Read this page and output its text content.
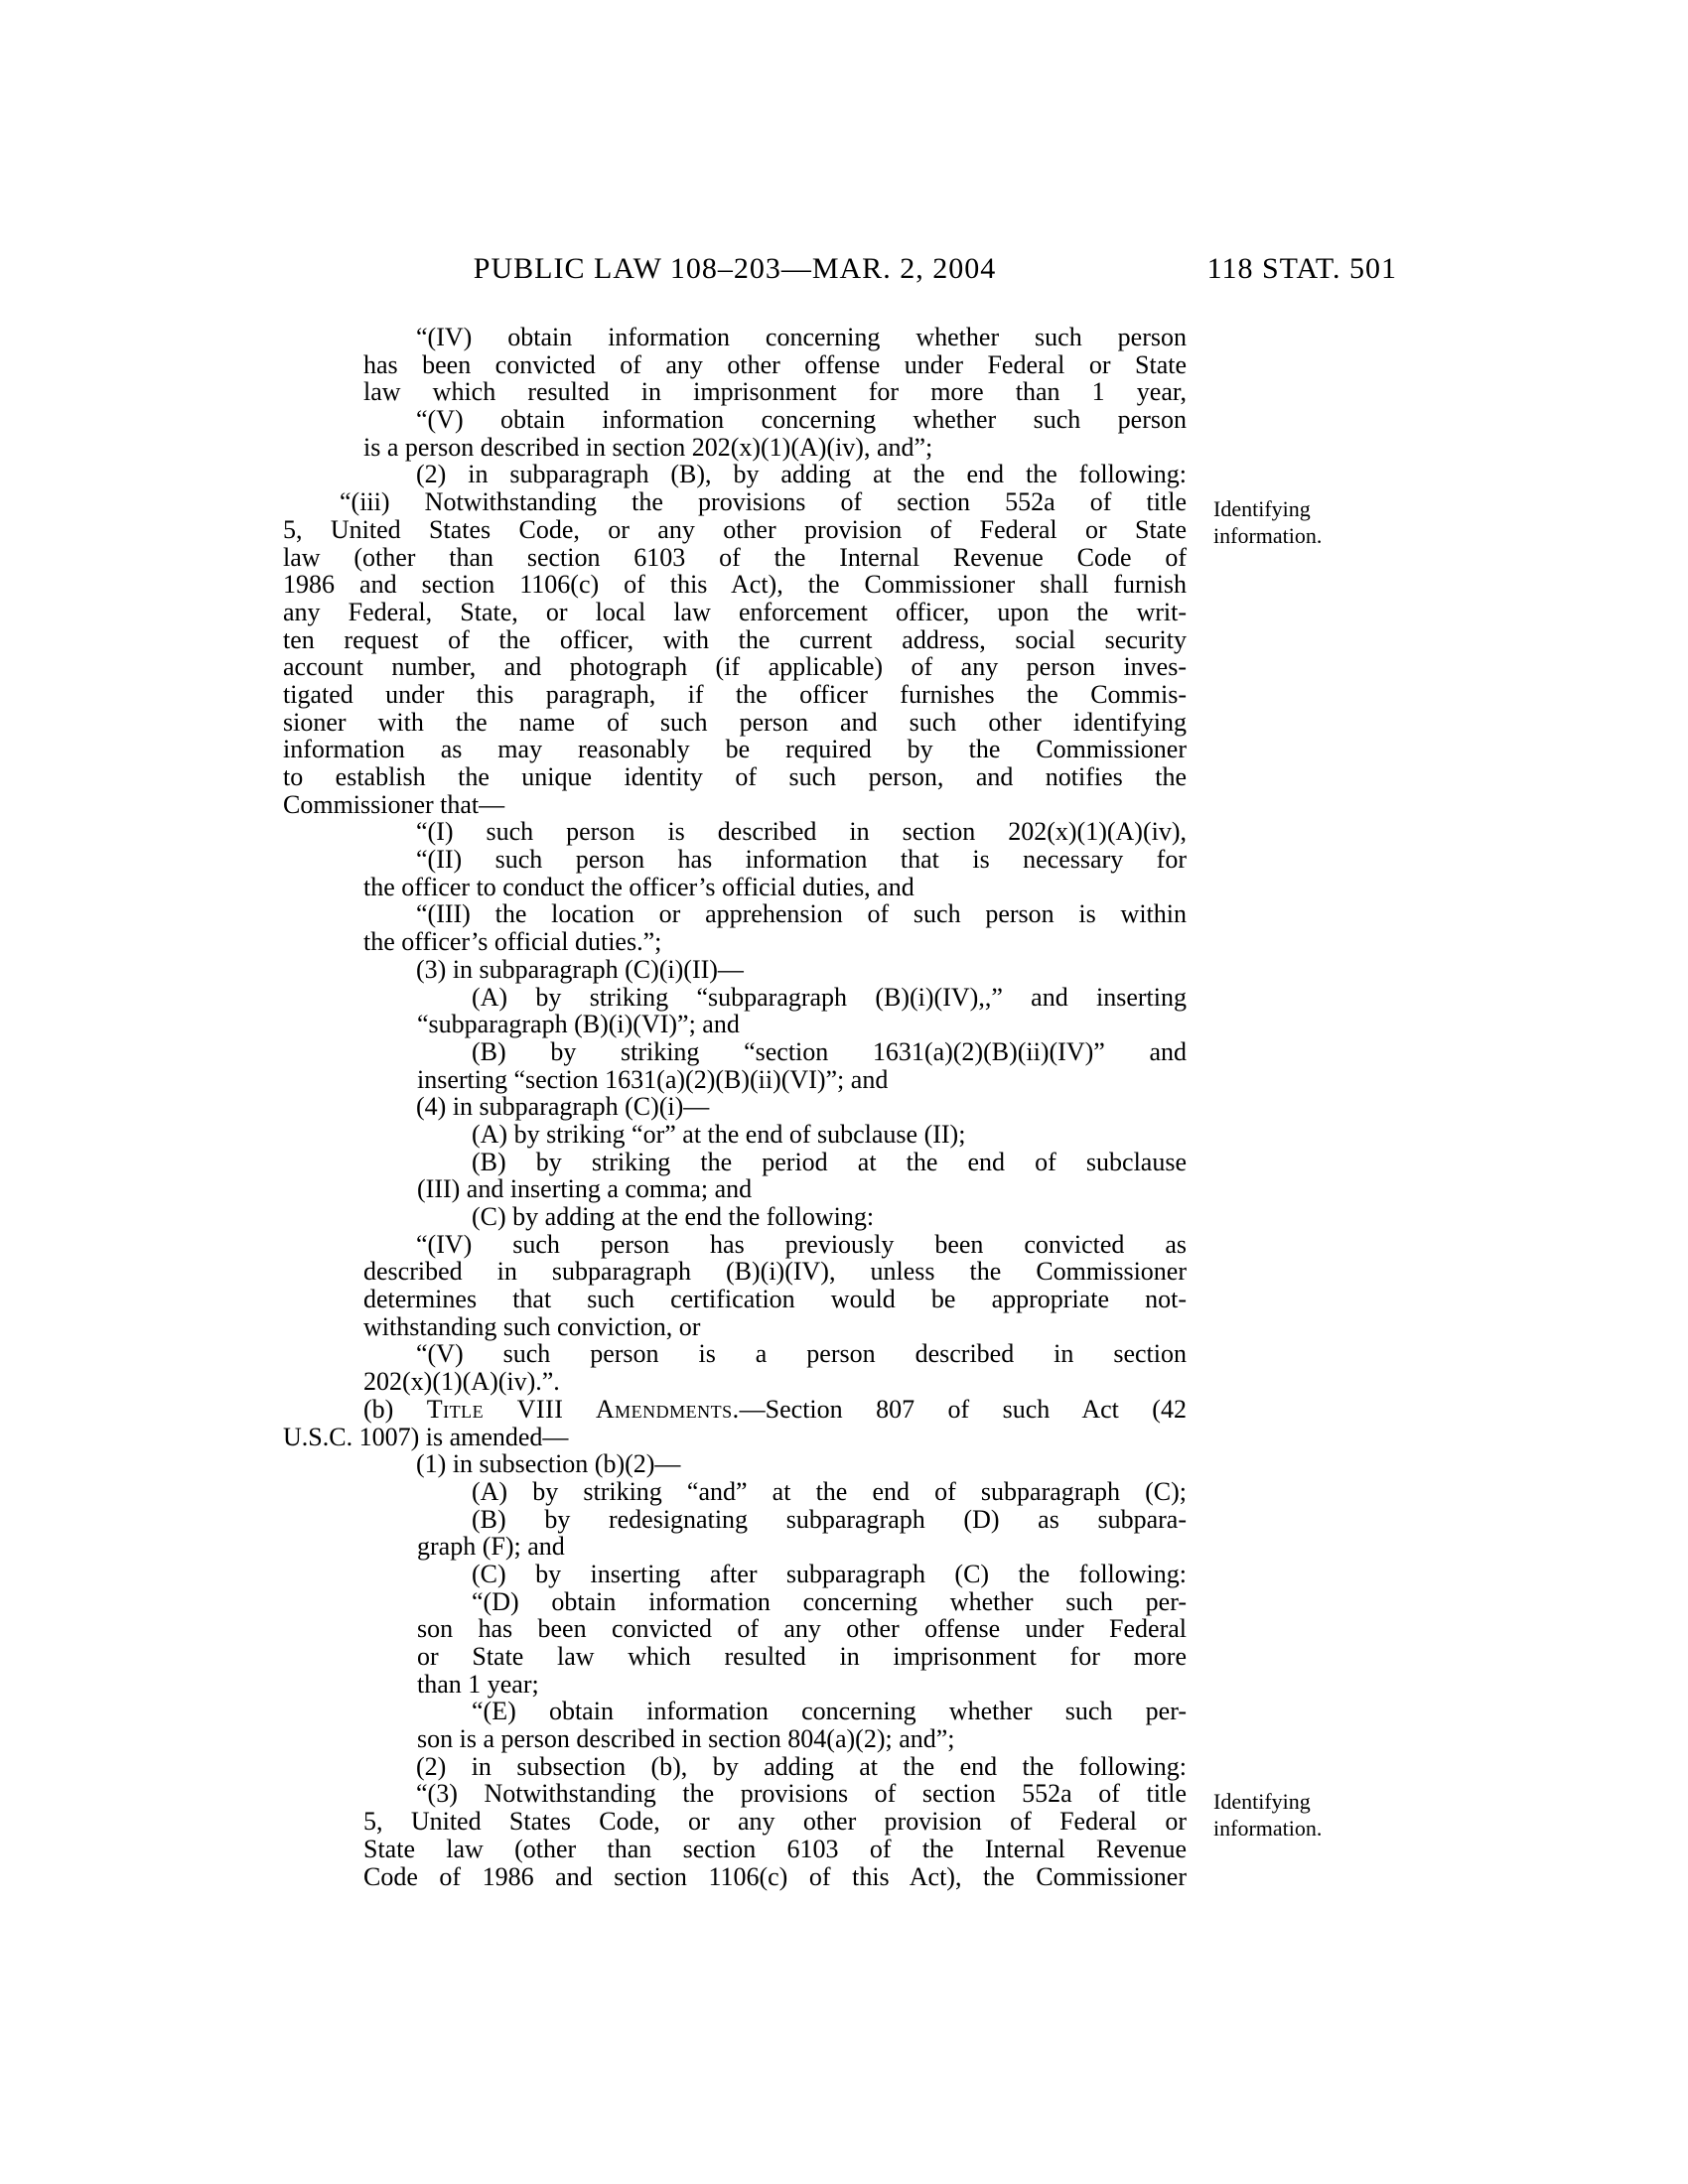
PUBLIC LAW 108–203—MAR. 2, 2004	118 STAT. 501
“(IV) obtain information concerning whether such person
has been convicted of any other offense under Federal or State
law which resulted in imprisonment for more than 1 year,
“(V) obtain information concerning whether such person
is a person described in section 202(x)(1)(A)(iv), and”;
(2) in subparagraph (B), by adding at the end the following:
“(iii) Notwithstanding the provisions of section 552a of title
5, United States Code, or any other provision of Federal or State
law (other than section 6103 of the Internal Revenue Code of
1986 and section 1106(c) of this Act), the Commissioner shall furnish
any Federal, State, or local law enforcement officer, upon the writ-
ten request of the officer, with the current address, social security
account number, and photograph (if applicable) of any person inves-
tigated under this paragraph, if the officer furnishes the Commis-
sioner with the name of such person and such other identifying
information as may reasonably be required by the Commissioner
to establish the unique identity of such person, and notifies the
Commissioner that—
“(I) such person is described in section 202(x)(1)(A)(iv),
“(II) such person has information that is necessary for
the officer to conduct the officer’s official duties, and
“(III) the location or apprehension of such person is within
the officer’s official duties.”;
(3) in subparagraph (C)(i)(II)—
(A) by striking “subparagraph (B)(i)(IV),,” and inserting
“subparagraph (B)(i)(VI)”; and
(B) by striking “section 1631(a)(2)(B)(ii)(IV)” and
inserting “section 1631(a)(2)(B)(ii)(VI)”; and
(4) in subparagraph (C)(i)—
(A) by striking “or” at the end of subclause (II);
(B) by striking the period at the end of subclause
(III) and inserting a comma; and
(C) by adding at the end the following:
“(IV) such person has previously been convicted as
described in subparagraph (B)(i)(IV), unless the Commissioner
determines that such certification would be appropriate not-
withstanding such conviction, or
“(V) such person is a person described in section
202(x)(1)(A)(iv).”.
(b) Title VIII Amendments.—Section 807 of such Act (42
U.S.C. 1007) is amended—
(1) in subsection (b)(2)—
(A) by striking “and” at the end of subparagraph (C);
(B) by redesignating subparagraph (D) as subpara-
graph (F); and
(C) by inserting after subparagraph (C) the following:
“(D) obtain information concerning whether such per-
son has been convicted of any other offense under Federal
or State law which resulted in imprisonment for more
than 1 year;
“(E) obtain information concerning whether such per-
son is a person described in section 804(a)(2); and”;
(2) in subsection (b), by adding at the end the following:
“(3) Notwithstanding the provisions of section 552a of title
5, United States Code, or any other provision of Federal or
State law (other than section 6103 of the Internal Revenue
Code of 1986 and section 1106(c) of this Act), the Commissioner
Identifying information.
Identifying information.
